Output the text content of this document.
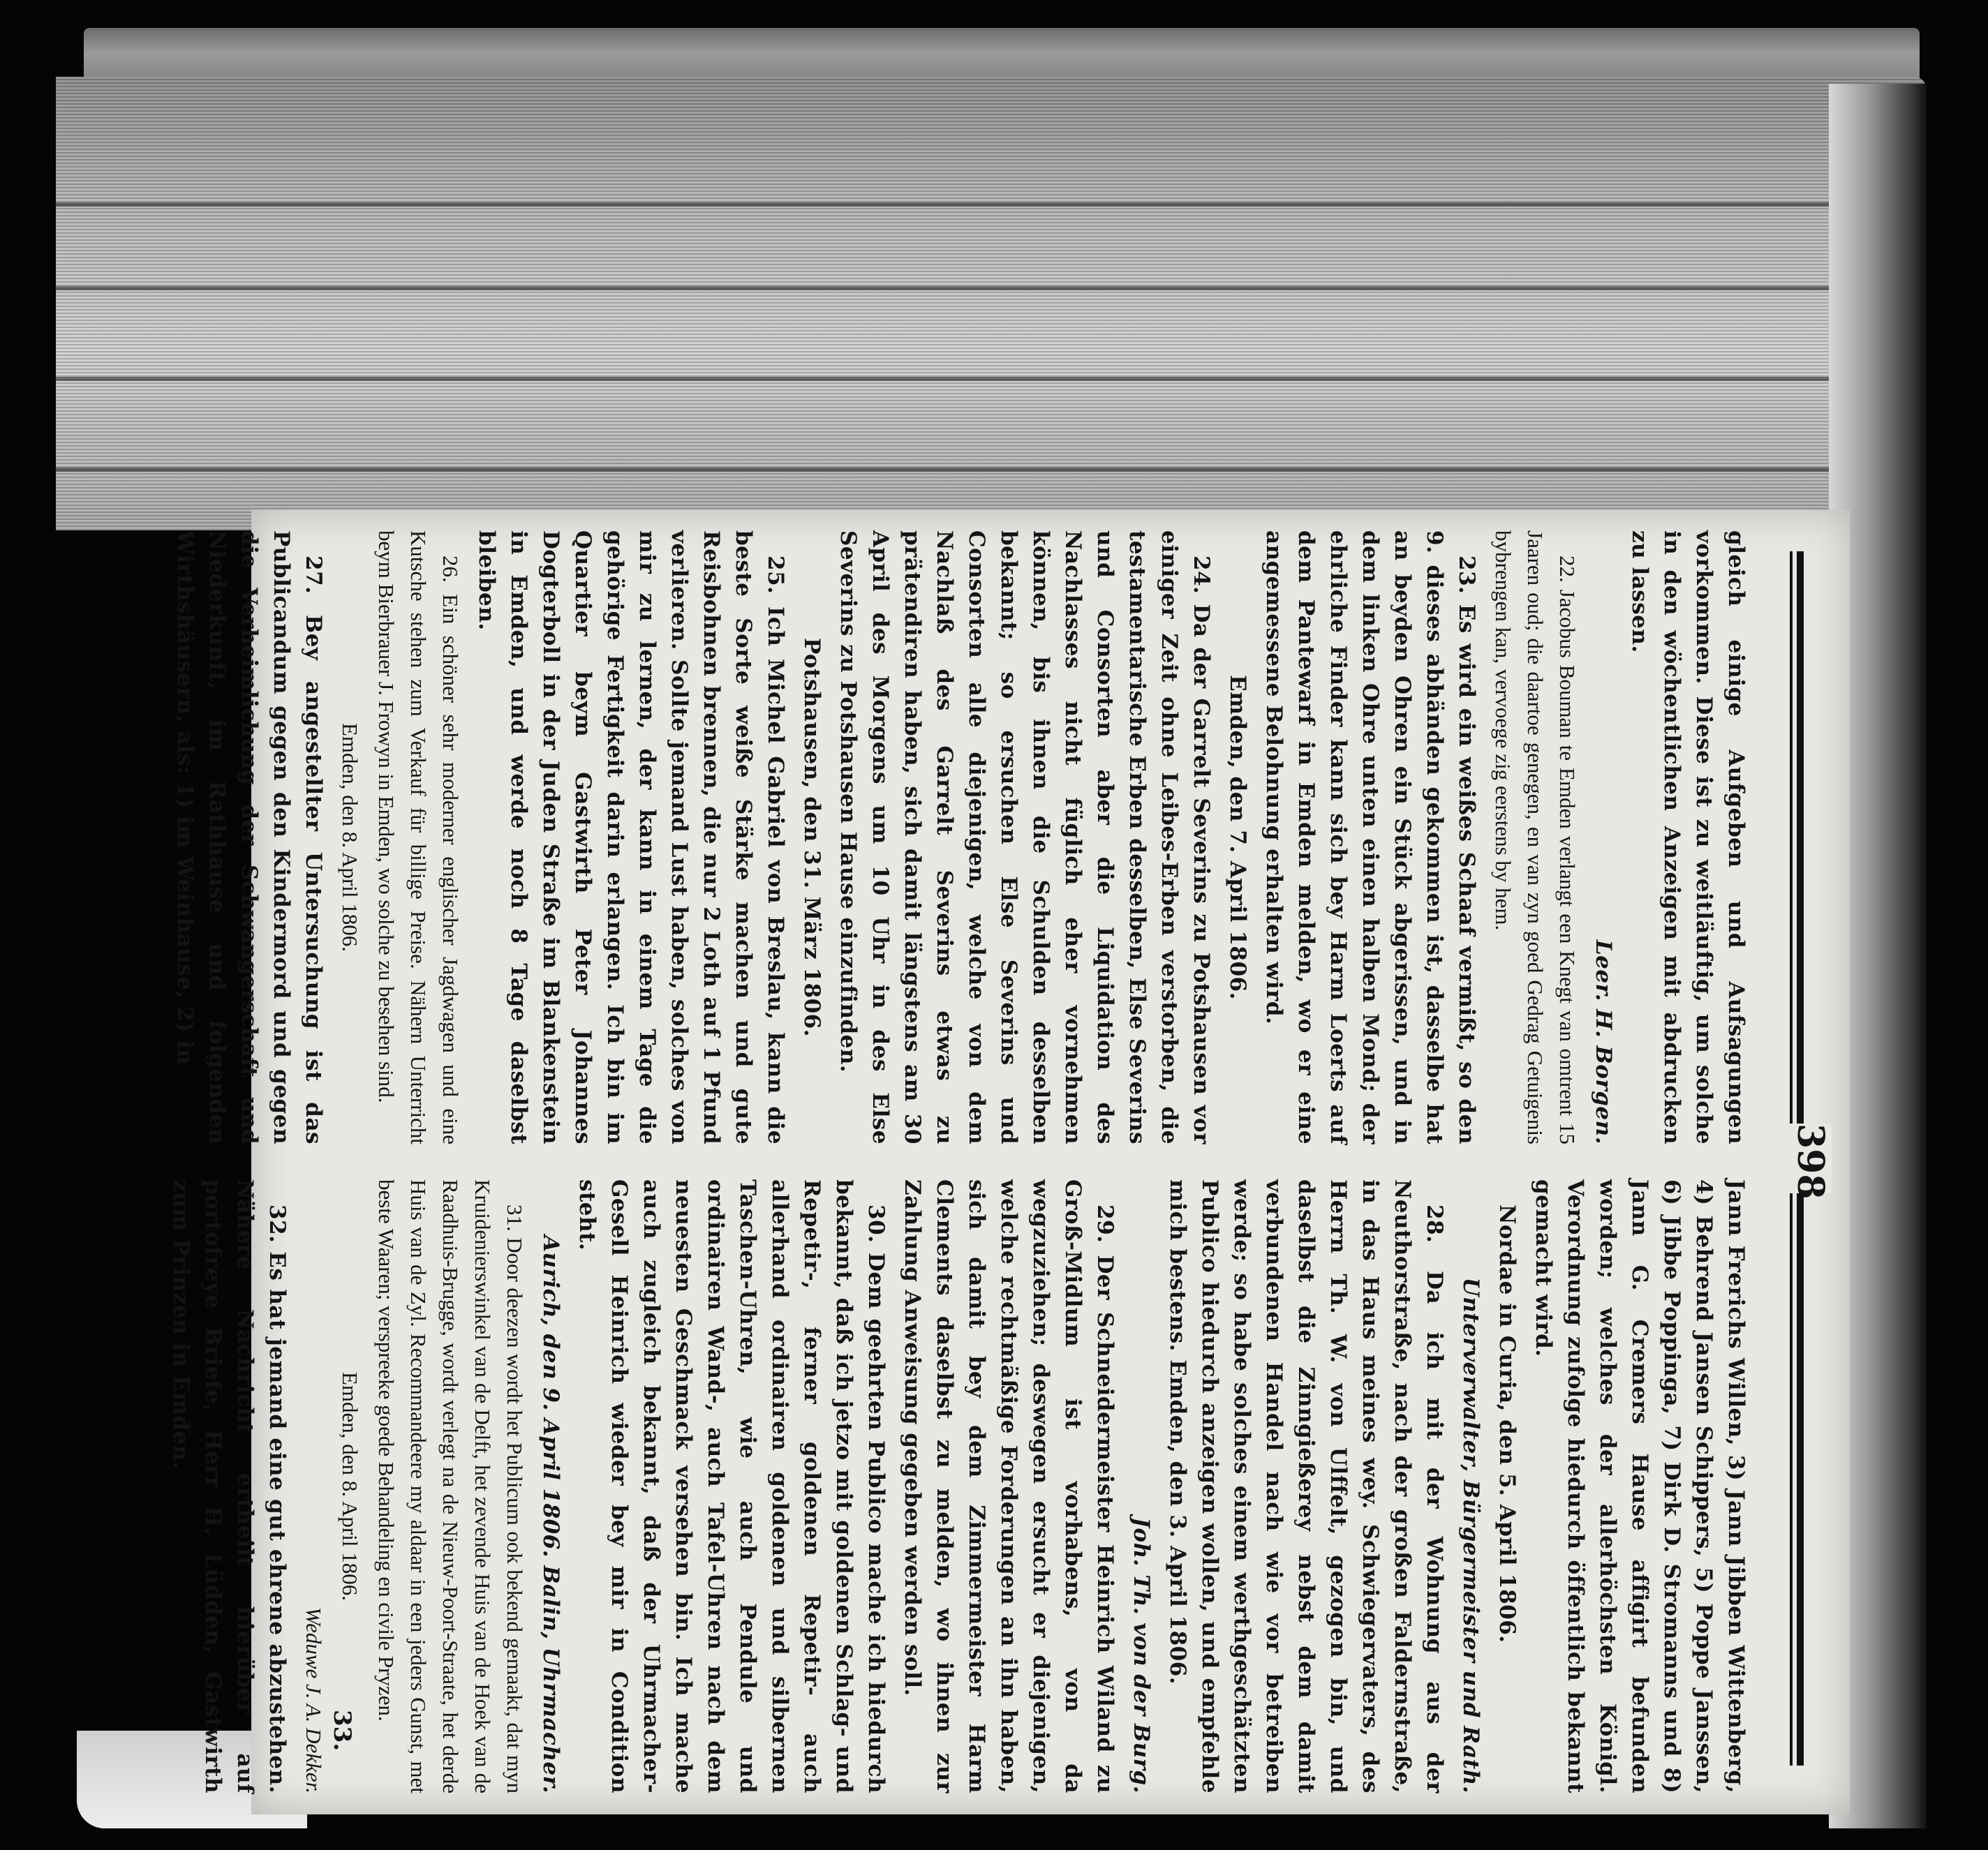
398

gleich einige Aufgeben und Aufsagungen vorkommen. Diese ist zu weitläuftig, um solche in den wöchentlichen Anzeigen mit abdrucken zu lassen.

Leer. H. Borgen.

22. Jacobus Bouman te Emden verlangt een Knegt van omtrent 15 Jaaren oud; die daartoe genegen, en van zyn goed Gedrag Getuigenis bybrengen kan, vervoege zig eerstens by hem.

23. Es wird ein weißes Schaaf vermißt, so den 9. dieses abhänden gekommen ist, dasselbe hat an beyden Ohren ein Stück abgerissen, und in dem linken Ohre unten einen halben Mond; der ehrliche Finder kann sich bey Harm Loerts auf dem Pantewarf in Emden melden, wo er eine angemessene Belohnung erhalten wird.

Emden, den 7. April 1806.

24. Da der Garrelt Severins zu Potshausen vor einiger Zeit ohne Leibes-Erben verstorben, die testamentarische Erben desselben, Else Severins und Consorten aber die Liquidation des Nachlasses nicht füglich eher vornehmen können, bis ihnen die Schulden desselben bekannt; so ersuchen Else Severins und Consorten alle diejenigen, welche von dem Nachlaß des Garrelt Severins etwas zu prätendiren haben, sich damit längstens am 30 April des Morgens um 10 Uhr in des Else Severins zu Potshausen Hause einzufinden.

Potshausen, den 31. März 1806.

25. Ich Michel Gabriel von Breslau, kann die beste Sorte weiße Stärke machen und gute Reisbohnen brennen, die nur 2 Loth auf 1 Pfund verlieren. Sollte jemand Lust haben, solches von mir zu lernen, der kann in einem Tage die gehörige Fertigkeit darin erlangen. Ich bin im Quartier beym Gastwirth Peter Johannes Dogterboll in der Juden Straße im Blankenstein in Emden, und werde noch 8 Tage daselbst bleiben.

26. Ein schöner sehr moderner englischer Jagdwagen und eine Kutsche stehen zum Verkauf für billige Preise. Nähern Unterricht beym Bierbrauer J. Frowyn in Emden, wo solche zu besehen sind.

Emden, den 8. April 1806.

27. Bey angestellter Untersuchung ist das Publicandum gegen den Kindermord und gegen die Verheimlichung der Schwangerschaft und Niederkunft, im Rathhause und folgenden Wirthshäusern, als: 1) im Weinhause, 2) in

Jann Frerichs Willen, 3) Jann Jibben Wittenberg, 4) Behrend Jansen Schippers, 5) Poppe Janssen, 6) Jibbe Poppinga, 7) Dirk D. Stromanns und 8) Jann G. Cremers Hause affigirt befunden worden; welches der allerhöchsten Königl. Verordnung zufolge hiedurch öffentlich bekannt gemacht wird.

Nordae in Curia, den 5. April 1806.

Unterverwalter, Bürgermeister und Rath.

28. Da ich mit der Wohnung aus der Neuthorstraße, nach der großen Faldernstraße, in das Haus meines wey. Schwiegervaters, des Herrn Th. W. von Ulffelt, gezogen bin, und daselbst die Zinngießerey nebst dem damit verbundenen Handel nach wie vor betreiben werde; so habe solches einem werthgeschätzten Publico hiedurch anzeigen wollen, und empfehle mich bestens. Emden, den 3. April 1806.

Joh. Th. von der Burg.

29. Der Schneidermeister Heinrich Wiland zu Groß-Midlum ist vorhabens, von da wegzuziehen; deswegen ersucht er diejenigen, welche rechtmäßige Forderungen an ihn haben, sich damit bey dem Zimmermeister Harm Clements daselbst zu melden, wo ihnen zur Zahlung Anweisung gegeben werden soll.

30. Dem geehrten Publico mache ich hiedurch bekannt, daß ich jetzo mit goldenen Schlag- und Repetir-, ferner goldenen Repetir- auch allerhand ordinairen goldenen und silbernen Taschen-Uhren, wie auch Pendule und ordinairen Wand-, auch Tafel-Uhren nach dem neuesten Geschmack versehen bin. Ich mache auch zugleich bekannt, daß der Uhrmacher-Gesell Heinrich wieder bey mir in Condition steht.

Aurich, den 9. April 1806. Balin, Uhrmacher.

31. Door deezen wordt het Publicum ook bekend gemaakt, dat myn Kruidenierswinkel van de Delft, het zevende Huis van de Hoek van de Raadhuis-Brugge, wordt verlegt na de Nieuw-Poort-Straate, het derde Huis van de Zyl. Recommandeere my aldaar in een jeders Gunst, met beste Waaren; verspreeke goede Behandeling en civile Pryzen.

Emden, den 8. April 1806.

Weduwe J. A. Dekker.

32. Es hat jemand eine gut ehrene abzustehen. Nähere Nachricht ertheilt hierüber auf portofreye Briefe, Herr H. Lüdden, Gastwirth zum Prinzen in Emden.

33.
